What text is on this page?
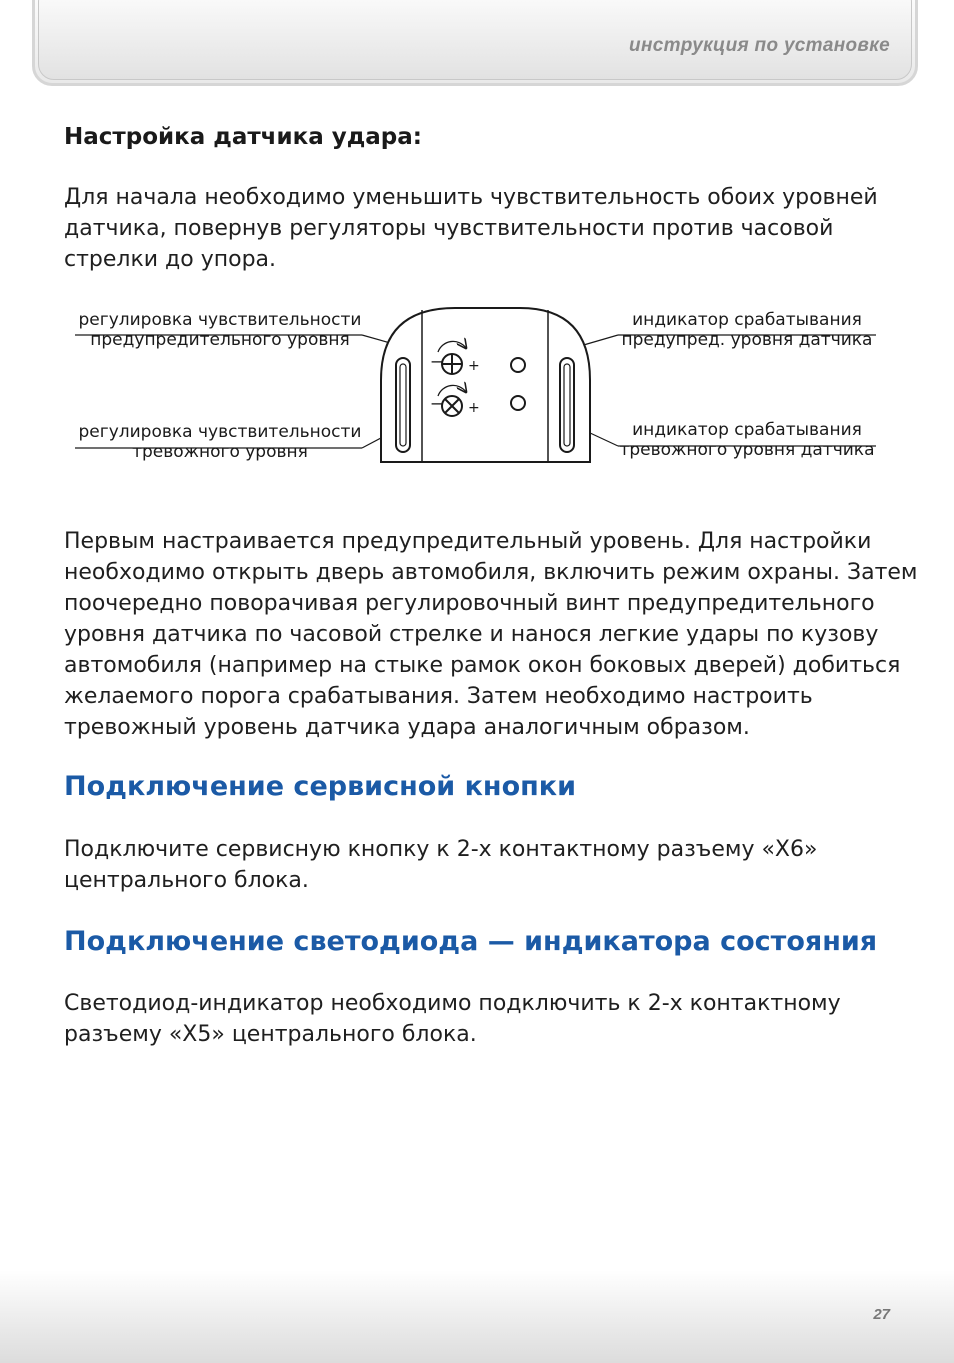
инструкция по установке
Настройка датчика удара:

Для начала необходимо уменьшить чувствительность обоих уровней
датчика, повернув регуляторы чувствительности против часовой
стрелки до упора.

регулировка чувствительности
предупредительного уровня
регулировка чувствительности
тревожного уровня
индикатор срабатывания
предупред. уровня датчика
индикатор срабатывания
тревожного уровня датчика
− +
− +

Первым настраивается предупредительный уровень. Для настройки
необходимо открыть дверь автомобиля, включить режим охраны. Затем
поочередно поворачивая регулировочный винт предупредительного
уровня датчика по часовой стрелке и нанося легкие удары по кузову
автомобиля (например на стыке рамок окон боковых дверей) добиться
желаемого порога срабатывания. Затем необходимо настроить
тревожный уровень датчика удара аналогичным образом.

Подключение сервисной кнопки

Подключите сервисную кнопку к 2-х контактному разъему «X6»
центрального блока.

Подключение светодиода — индикатора состояния

Светодиод-индикатор необходимо подключить к 2-х контактному
разъему «X5» центрального блока.

27
